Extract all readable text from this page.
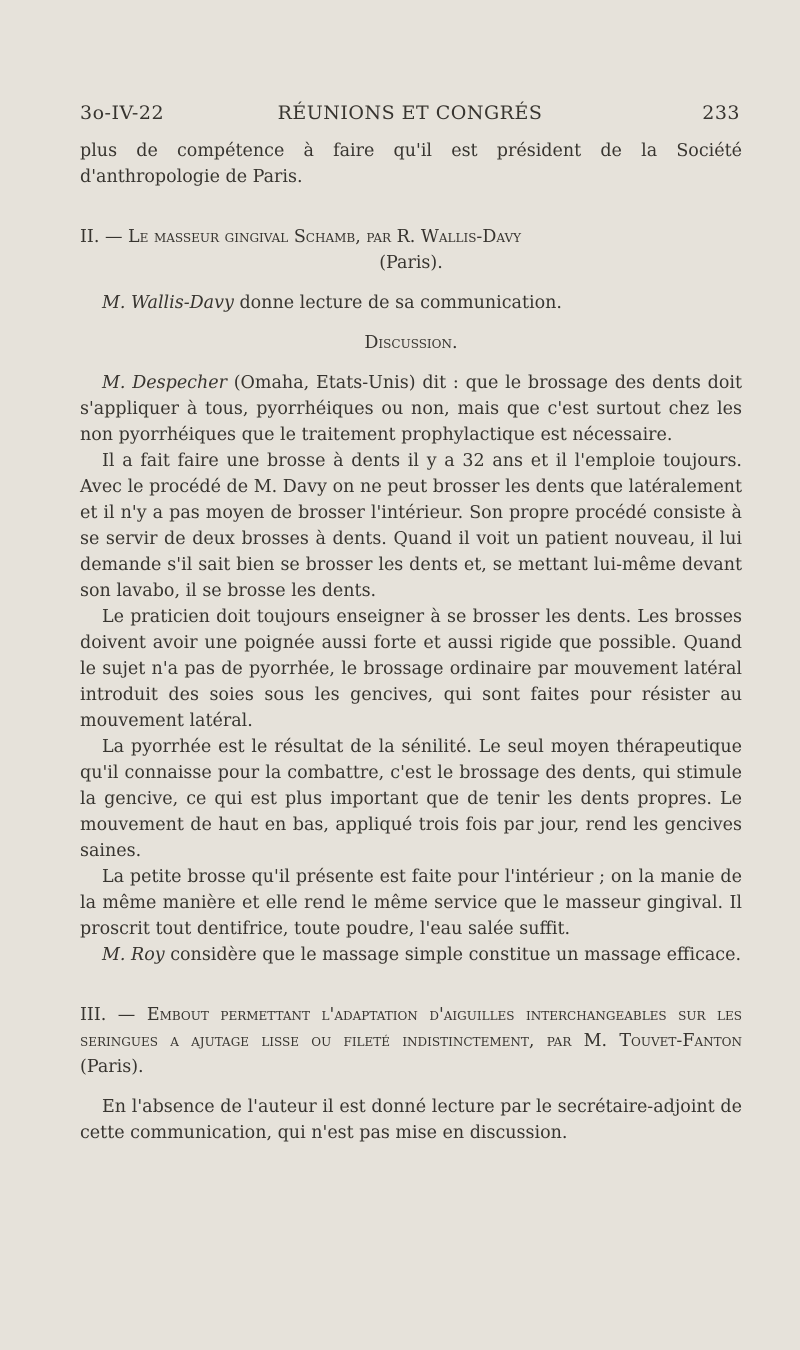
3o-IV-22	RÉUNIONS ET CONGRÉS	233

plus de compétence à faire qu'il est président de la Société d'anthropologie de Paris.

II. — Le masseur gingival Schamb, par R. Wallis-Davy

(Paris).

M. Wallis-Davy donne lecture de sa communication.

Discussion.

M. Despecher (Omaha, Etats-Unis) dit : que le brossage des dents doit s'appliquer à tous, pyorrhéiques ou non, mais que c'est surtout chez les non pyorrhéiques que le traitement prophylactique est nécessaire.

Il a fait faire une brosse à dents il y a 32 ans et il l'emploie toujours. Avec le procédé de M. Davy on ne peut brosser les dents que latéralement et il n'y a pas moyen de brosser l'intérieur. Son propre procédé consiste à se servir de deux brosses à dents. Quand il voit un patient nouveau, il lui demande s'il sait bien se brosser les dents et, se mettant lui-même devant son lavabo, il se brosse les dents.

Le praticien doit toujours enseigner à se brosser les dents. Les brosses doivent avoir une poignée aussi forte et aussi rigide que possible. Quand le sujet n'a pas de pyorrhée, le brossage ordinaire par mouvement latéral introduit des soies sous les gencives, qui sont faites pour résister au mouvement latéral.

La pyorrhée est le résultat de la sénilité. Le seul moyen thérapeutique qu'il connaisse pour la combattre, c'est le brossage des dents, qui stimule la gencive, ce qui est plus important que de tenir les dents propres. Le mouvement de haut en bas, appliqué trois fois par jour, rend les gencives saines.

La petite brosse qu'il présente est faite pour l'intérieur ; on la manie de la même manière et elle rend le même service que le masseur gingival. Il proscrit tout dentifrice, toute poudre, l'eau salée suffit.

M. Roy considère que le massage simple constitue un massage efficace.

III. — Embout permettant l'adaptation d'aiguilles interchangeables sur les seringues a ajutage lisse ou fileté indistinctement, par M. Touvet-Fanton (Paris).

En l'absence de l'auteur il est donné lecture par le secrétaire-adjoint de cette communication, qui n'est pas mise en discussion.
